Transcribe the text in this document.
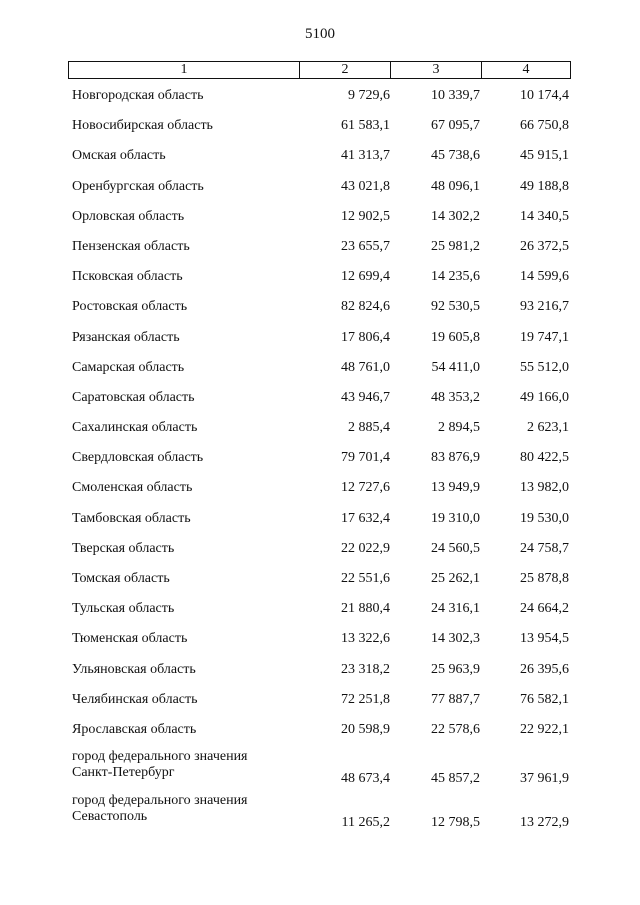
5100
1	2	3	4
Новгородская область	9 729,6	10 339,7	10 174,4
Новосибирская область	61 583,1	67 095,7	66 750,8
Омская область	41 313,7	45 738,6	45 915,1
Оренбургская область	43 021,8	48 096,1	49 188,8
Орловская область	12 902,5	14 302,2	14 340,5
Пензенская область	23 655,7	25 981,2	26 372,5
Псковская область	12 699,4	14 235,6	14 599,6
Ростовская область	82 824,6	92 530,5	93 216,7
Рязанская область	17 806,4	19 605,8	19 747,1
Самарская область	48 761,0	54 411,0	55 512,0
Саратовская область	43 946,7	48 353,2	49 166,0
Сахалинская область	2 885,4	2 894,5	2 623,1
Свердловская область	79 701,4	83 876,9	80 422,5
Смоленская область	12 727,6	13 949,9	13 982,0
Тамбовская область	17 632,4	19 310,0	19 530,0
Тверская область	22 022,9	24 560,5	24 758,7
Томская область	22 551,6	25 262,1	25 878,8
Тульская область	21 880,4	24 316,1	24 664,2
Тюменская область	13 322,6	14 302,3	13 954,5
Ульяновская область	23 318,2	25 963,9	26 395,6
Челябинская область	72 251,8	77 887,7	76 582,1
Ярославская область	20 598,9	22 578,6	22 922,1
город федерального значения
Санкт-Петербург	48 673,4	45 857,2	37 961,9
город федерального значения
Севастополь	11 265,2	12 798,5	13 272,9
